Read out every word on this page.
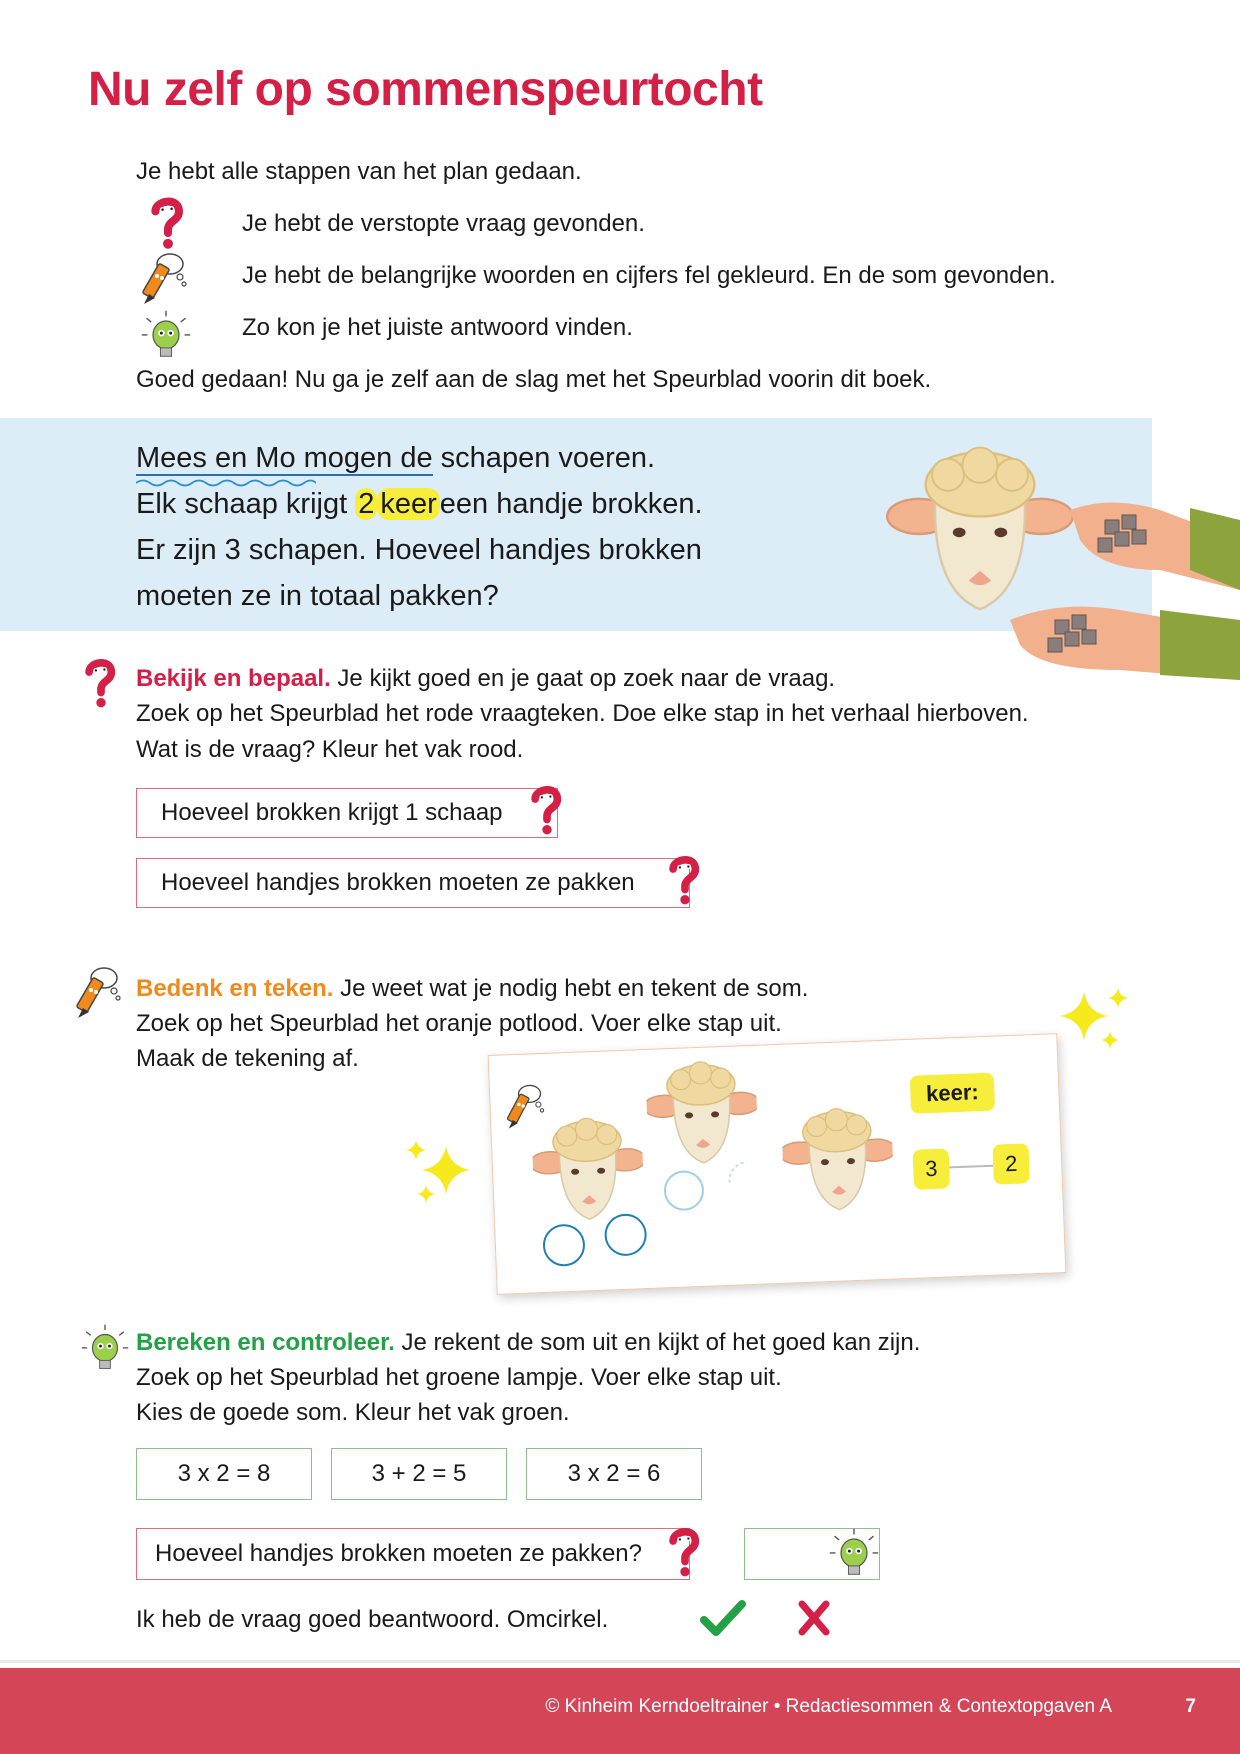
Nu zelf op sommenspeurtocht
Je hebt alle stappen van het plan gedaan.
Je hebt de verstopte vraag gevonden.
Je hebt de belangrijke woorden en cijfers fel gekleurd. En de som gevonden.
Zo kon je het juiste antwoord vinden.
Goed gedaan! Nu ga je zelf aan de slag met het Speurblad voorin dit boek.
Mees en Mo mogen de schapen voeren.
Elk schaap krijgt 2 keer een handje brokken.
Er zijn 3 schapen. Hoeveel handjes brokken
moeten ze in totaal pakken?
Bekijk en bepaal. Je kijkt goed en je gaat op zoek naar de vraag.
Zoek op het Speurblad het rode vraagteken. Doe elke stap in het verhaal hierboven.
Wat is de vraag? Kleur het vak rood.
Hoeveel brokken krijgt 1 schaap
Hoeveel handjes brokken moeten ze pakken
Bedenk en teken. Je weet wat je nodig hebt en tekent de som.
Zoek op het Speurblad het oranje potlood. Voer elke stap uit.
Maak de tekening af.
keer:
3	2
Bereken en controleer. Je rekent de som uit en kijkt of het goed kan zijn.
Zoek op het Speurblad het groene lampje. Voer elke stap uit.
Kies de goede som. Kleur het vak groen.
3 x 2 = 8	3 + 2 = 5	3 x 2 = 6
Hoeveel handjes brokken moeten ze pakken?
Ik heb de vraag goed beantwoord. Omcirkel.
© Kinheim Kerndoeltrainer • Redactiesommen & Contextopgaven A	7
